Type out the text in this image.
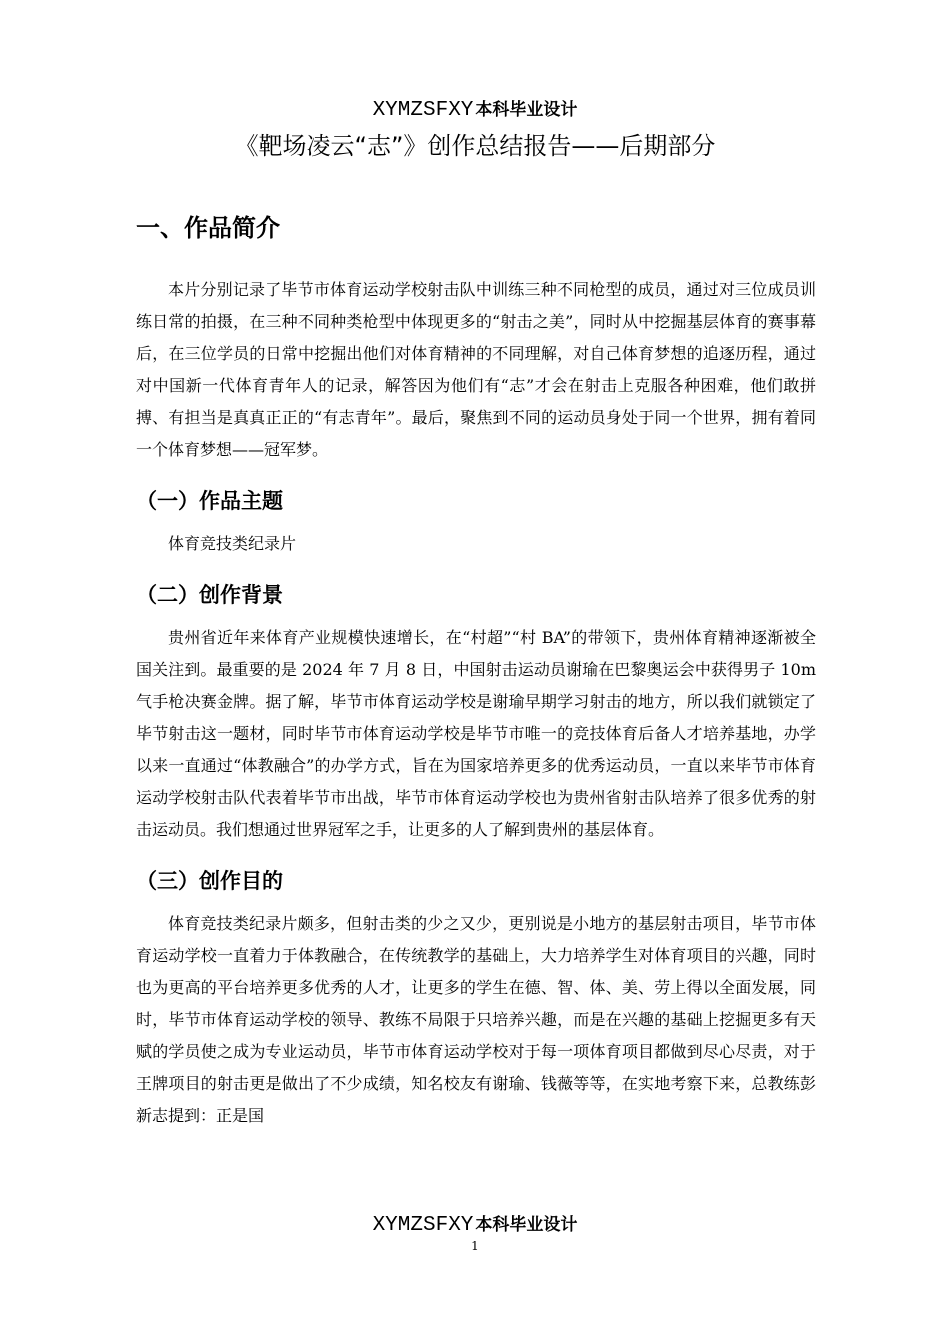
XYMZSFXY 本科毕业设计
《靶场凌云“志”》创作总结报告——后期部分
一、作品简介

本片分别记录了毕节市体育运动学校射击队中训练三种不同枪型的成员，通过对三位成员训练日常的拍摄，在三种不同种类枪型中体现更多的“射击之美”，同时从中挖掘基层体育的赛事幕后，在三位学员的日常中挖掘出他们对体育精神的不同理解，对自己体育梦想的追逐历程，通过对中国新一代体育青年人的记录，解答因为他们有“志”才会在射击上克服各种困难，他们敢拼搏、有担当是真真正正的“有志青年”。最后，聚焦到不同的运动员身处于同一个世界，拥有着同一个体育梦想——冠军梦。

（一）作品主题

体育竞技类纪录片

（二）创作背景

贵州省近年来体育产业规模快速增长，在“村超”“村 BA”的带领下，贵州体育精神逐渐被全国关注到。最重要的是 2024 年 7 月 8 日，中国射击运动员谢瑜在巴黎奥运会中获得男子 10m 气手枪决赛金牌。据了解，毕节市体育运动学校是谢瑜早期学习射击的地方，所以我们就锁定了毕节射击这一题材，同时毕节市体育运动学校是毕节市唯一的竞技体育后备人才培养基地，办学以来一直通过“体教融合”的办学方式，旨在为国家培养更多的优秀运动员，一直以来毕节市体育运动学校射击队代表着毕节市出战，毕节市体育运动学校也为贵州省射击队培养了很多优秀的射击运动员。我们想通过世界冠军之手，让更多的人了解到贵州的基层体育。

（三）创作目的

体育竞技类纪录片颇多，但射击类的少之又少，更别说是小地方的基层射击项目，毕节市体育运动学校一直着力于体教融合，在传统教学的基础上，大力培养学生对体育项目的兴趣，同时也为更高的平台培养更多优秀的人才，让更多的学生在德、智、体、美、劳上得以全面发展，同时，毕节市体育运动学校的领导、教练不局限于只培养兴趣，而是在兴趣的基础上挖掘更多有天赋的学员使之成为专业运动员，毕节市体育运动学校对于每一项体育项目都做到尽心尽责，对于王牌项目的射击更是做出了不少成绩，知名校友有谢瑜、钱薇等等，在实地考察下来，总教练彭新志提到：正是国

XYMZSFXY 本科毕业设计
1
